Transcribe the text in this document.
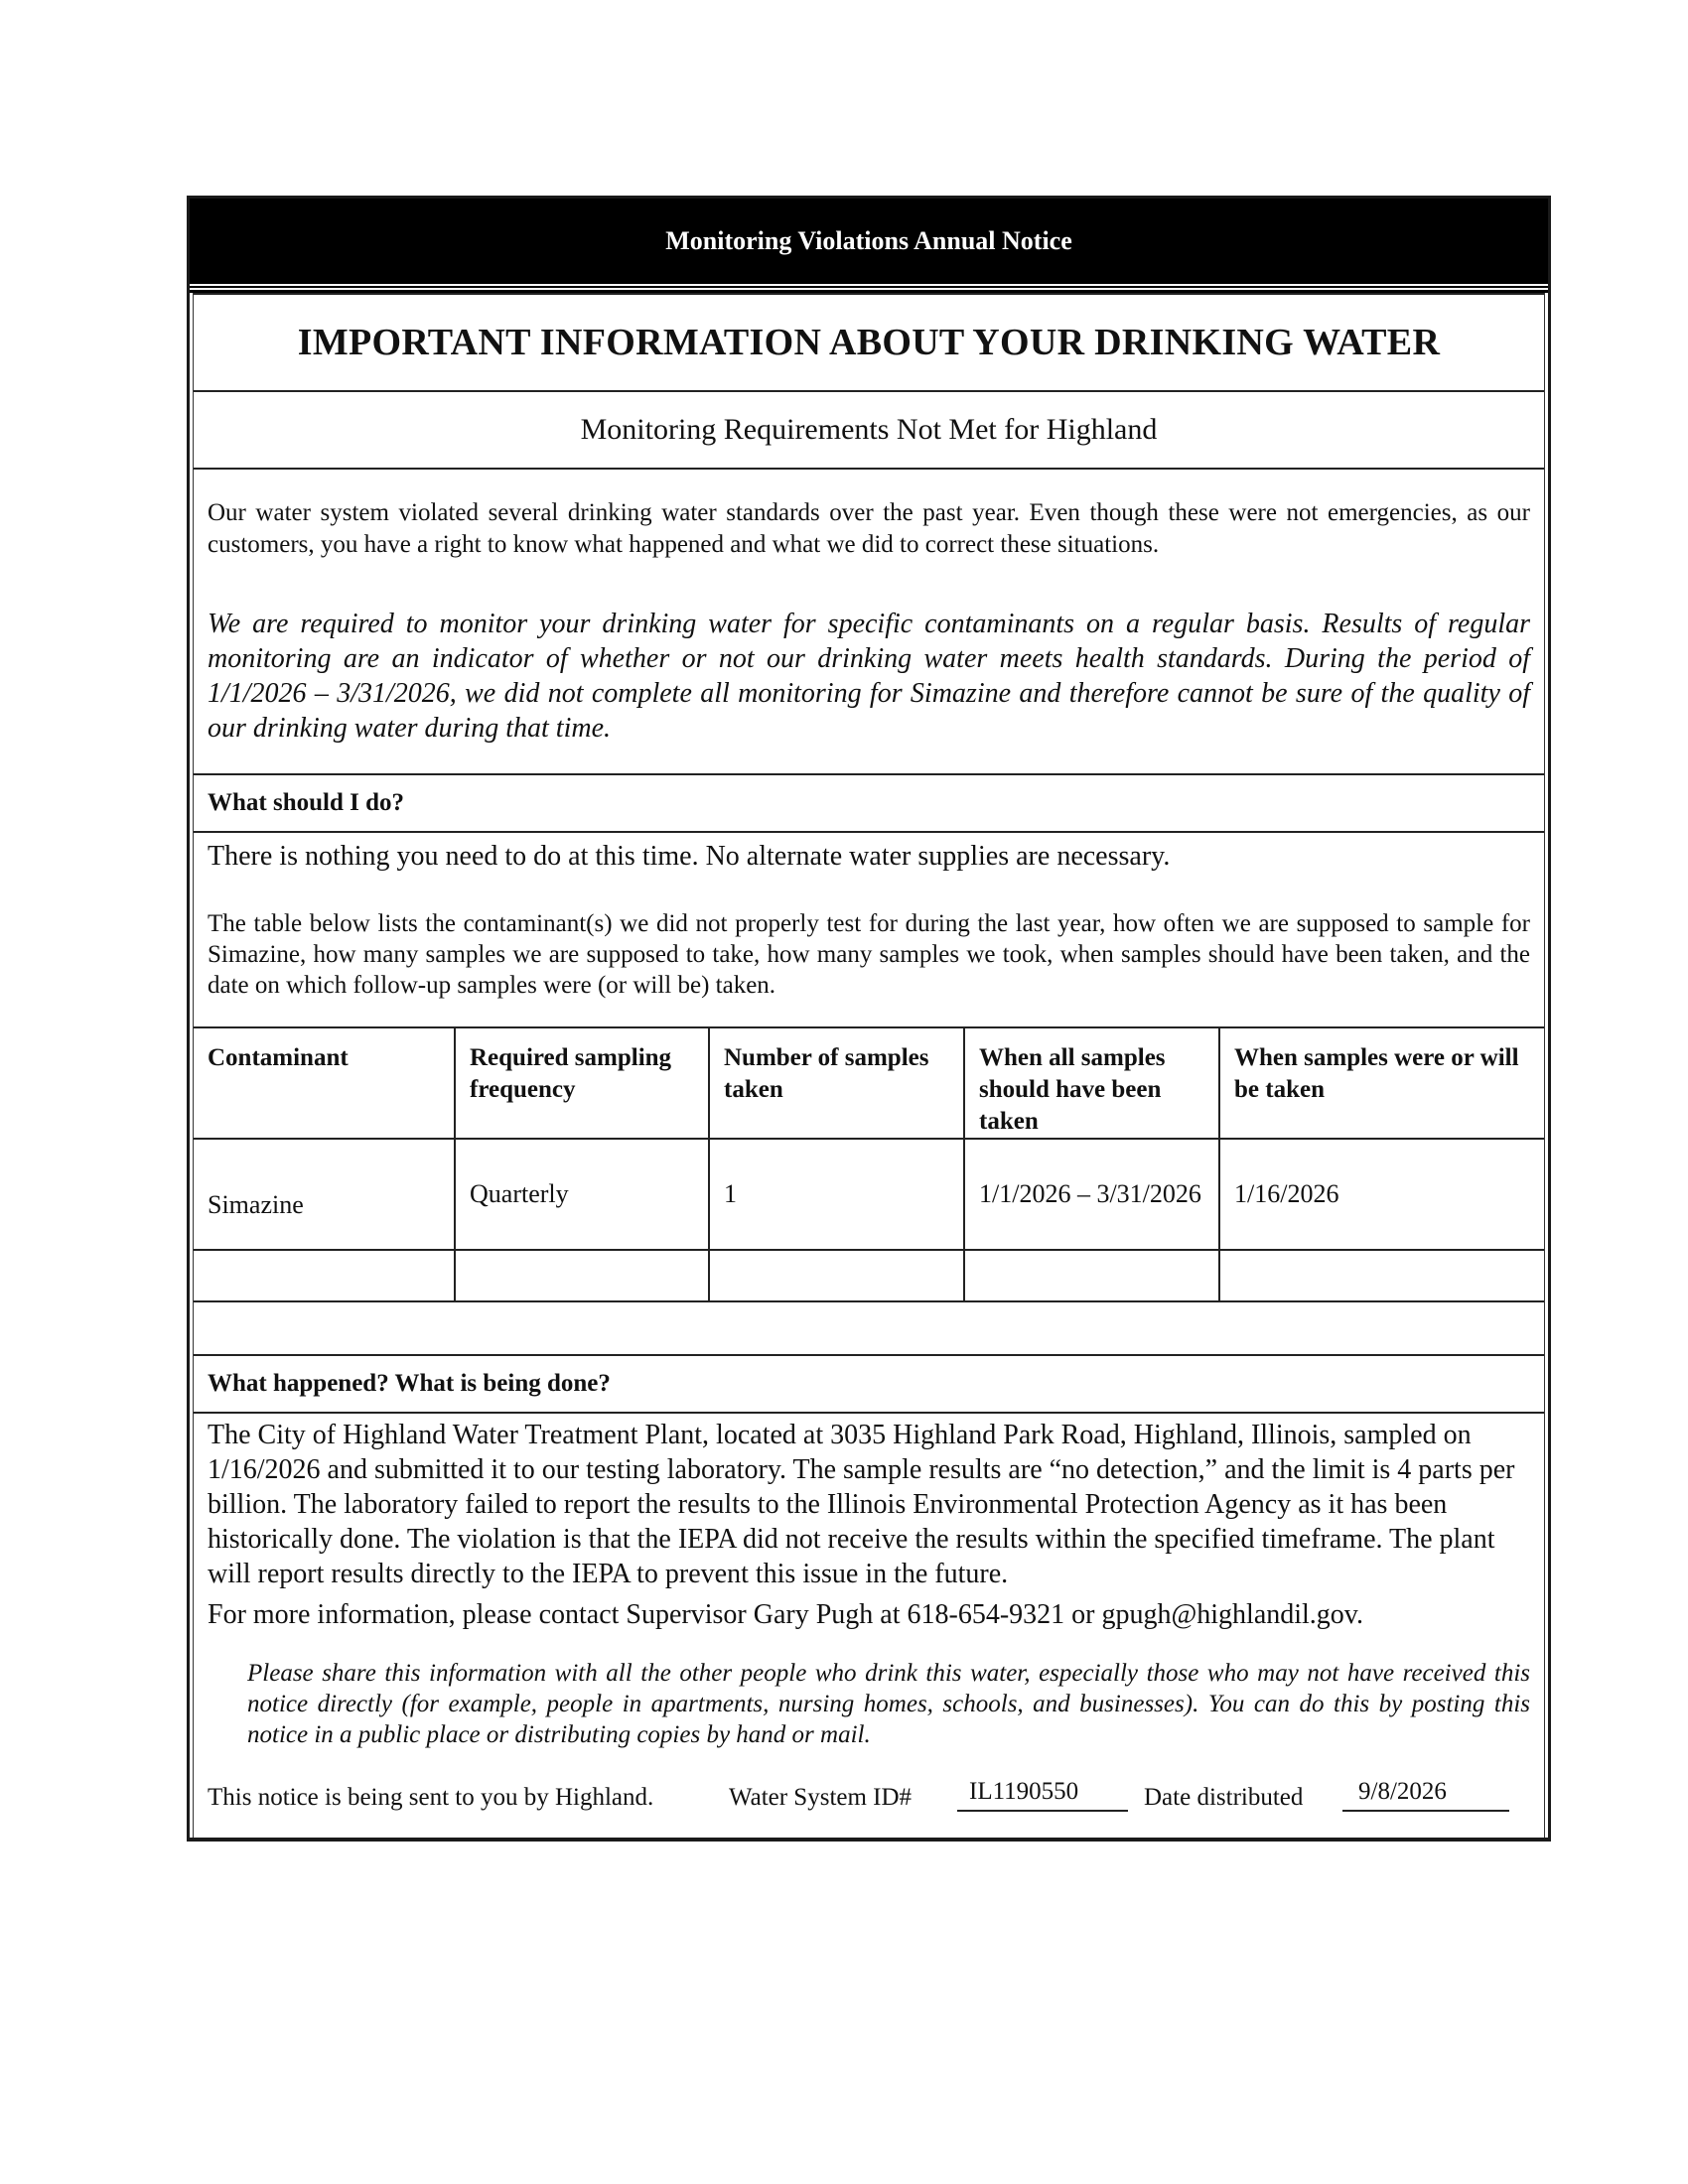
Monitoring Violations Annual Notice
IMPORTANT INFORMATION ABOUT YOUR DRINKING WATER
Monitoring Requirements Not Met for Highland
Our water system violated several drinking water standards over the past year. Even though these were not emergencies, as our customers, you have a right to know what happened and what we did to correct these situations.
We are required to monitor your drinking water for specific contaminants on a regular basis. Results of regular monitoring are an indicator of whether or not our drinking water meets health standards. During the period of 1/1/2026 – 3/31/2026, we did not complete all monitoring for Simazine and therefore cannot be sure of the quality of our drinking water during that time.
What should I do?
There is nothing you need to do at this time. No alternate water supplies are necessary.
The table below lists the contaminant(s) we did not properly test for during the last year, how often we are supposed to sample for Simazine, how many samples we are supposed to take, how many samples we took, when samples should have been taken, and the date on which follow-up samples were (or will be) taken.
Contaminant	Required sampling frequency	Number of samples taken	When all samples should have been taken	When samples were or will be taken
Simazine	Quarterly	1	1/1/2026 – 3/31/2026	1/16/2026

What happened? What is being done?
The City of Highland Water Treatment Plant, located at 3035 Highland Park Road, Highland, Illinois, sampled on 1/16/2026 and submitted it to our testing laboratory. The sample results are “no detection,” and the limit is 4 parts per billion. The laboratory failed to report the results to the Illinois Environmental Protection Agency as it has been historically done. The violation is that the IEPA did not receive the results within the specified timeframe. The plant will report results directly to the IEPA to prevent this issue in the future.
For more information, please contact Supervisor Gary Pugh at 618-654-9321 or gpugh@highlandil.gov.
Please share this information with all the other people who drink this water, especially those who may not have received this notice directly (for example, people in apartments, nursing homes, schools, and businesses). You can do this by posting this notice in a public place or distributing copies by hand or mail.
This notice is being sent to you by Highland.	Water System ID#	IL1190550	Date distributed	9/8/2026
